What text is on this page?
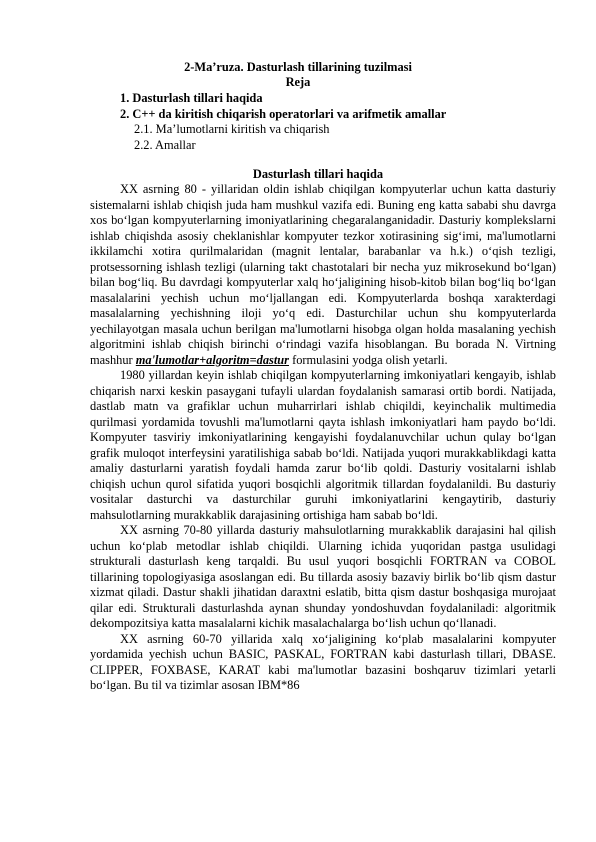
2-Ma’ruza. Dasturlash tillarining tuzilmasi
Reja
1. Dasturlash tillari haqida
2. C++ da kiritish chiqarish operatorlari va arifmetik amallar
2.1. Ma’lumotlarni kiritish va chiqarish
2.2. Amallar
Dasturlash tillari haqida

XX asrning 80 - yillaridan oldin ishlab chiqilgan kompyuterlar uchun katta dasturiy sistemalarni ishlab chiqish juda ham mushkul vazifa edi. Buning eng katta sababi shu davrga xos bo‘lgan kompyuterlarning imoniyatlarining chegaralanganidadir. Dasturiy komplekslarni ishlab chiqishda asosiy cheklanishlar kompyuter tezkor xotirasining sig‘imi, ma'lumotlarni ikkilamchi xotira qurilmalaridan (magnit lentalar, barabanlar va h.k.) o‘qish tezligi, protsessorning ishlash tezligi (ularning takt chastotalari bir necha yuz mikrosekund bo‘lgan) bilan bog‘liq. Bu davrdagi kompyuterlar xalq ho‘jaligining hisob-kitob bilan bog‘liq bo‘lgan masalalarini yechish uchun mo‘ljallangan edi. Kompyuterlarda boshqa xarakterdagi masalalarning yechishning iloji yo‘q edi. Dasturchilar uchun shu kompyuterlarda yechilayotgan masala uchun berilgan ma'lumotlarni hisobga olgan holda masalaning yechish algoritmini ishlab chiqish birinchi o‘rindagi vazifa hisoblangan. Bu borada N. Virtning mashhur ma'lumotlar+algoritm=dastur formulasini yodga olish yetarli.

1980 yillardan keyin ishlab chiqilgan kompyuterlarning imkoniyatlari kengayib, ishlab chiqarish narxi keskin pasaygani tufayli ulardan foydalanish samarasi ortib bordi. Natijada, dastlab matn va grafiklar uchun muharrirlari ishlab chiqildi, keyinchalik multimedia qurilmasi yordamida tovushli ma'lumotlarni qayta ishlash imkoniyatlari ham paydo bo‘ldi. Kompyuter tasviriy imkoniyatlarining kengayishi foydalanuvchilar uchun qulay bo‘lgan grafik muloqot interfeysini yaratilishiga sabab bo‘ldi. Natijada yuqori murakkablikdagi katta amaliy dasturlarni yaratish foydali hamda zarur bo‘lib qoldi. Dasturiy vositalarni ishlab chiqish uchun qurol sifatida yuqori bosqichli algoritmik tillardan foydalanildi. Bu dasturiy vositalar dasturchi va dasturchilar guruhi imkoniyatlarini kengaytirib, dasturiy mahsulotlarning murakkablik darajasining ortishiga ham sabab bo‘ldi.

XX asrning 70-80 yillarda dasturiy mahsulotlarning murakkablik darajasini hal qilish uchun ko‘plab metodlar ishlab chiqildi. Ularning ichida yuqoridan pastga usulidagi strukturali dasturlash keng tarqaldi. Bu usul yuqori bosqichli FORTRAN va COBOL tillarining topologiyasiga asoslangan edi. Bu tillarda asosiy bazaviy birlik bo‘lib qism dastur xizmat qiladi. Dastur shakli jihatidan daraxtni eslatib, bitta qism dastur boshqasiga murojaat qilar edi. Strukturali dasturlashda aynan shunday yondoshuvdan foydalaniladi: algoritmik dekompozitsiya katta masalalarni kichik masalachalarga bo‘lish uchun qo‘llanadi.

XX asrning 60-70 yillarida xalq xo‘jaligining ko‘plab masalalarini kompyuter yordamida yechish uchun BASIC, PASKAL, FORTRAN kabi dasturlash tillari, DBASE. CLIPPER, FOXBASE, KARAT kabi ma'lumotlar bazasini boshqaruv tizimlari yetarli bo‘lgan. Bu til va tizimlar asosan IBM*86
